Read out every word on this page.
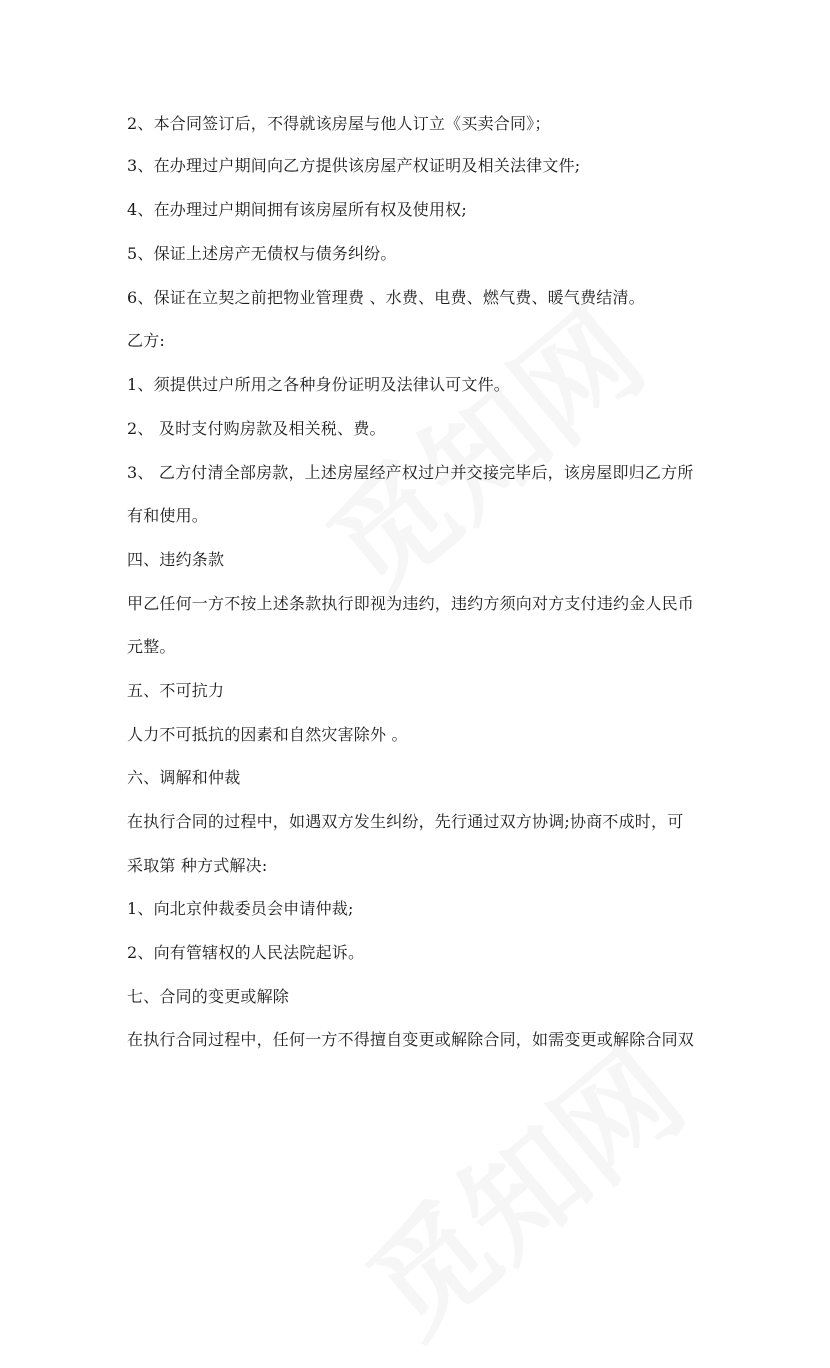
2、本合同签订后，不得就该房屋与他人订立《买卖合同》；
3、在办理过户期间向乙方提供该房屋产权证明及相关法律文件;
4、在办理过户期间拥有该房屋所有权及使用权;
5、保证上述房产无债权与债务纠纷。
6、保证在立契之前把物业管理费 、水费、电费、燃气费、暖气费结清。
乙方:
1、须提供过户所用之各种身份证明及法律认可文件。
2、 及时支付购房款及相关税、费。
3、 乙方付清全部房款，上述房屋经产权过户并交接完毕后，该房屋即归乙方所
有和使用。
四、违约条款
甲乙任何一方不按上述条款执行即视为违约，违约方须向对方支付违约金人民币
元整。
五、不可抗力
人力不可抵抗的因素和自然灾害除外 。
六、调解和仲裁
在执行合同的过程中，如遇双方发生纠纷，先行通过双方协调;协商不成时，可
采取第 种方式解决:
1、向北京仲裁委员会申请仲裁;
2、向有管辖权的人民法院起诉。
七、合同的变更或解除
在执行合同过程中，任何一方不得擅自变更或解除合同，如需变更或解除合同双
